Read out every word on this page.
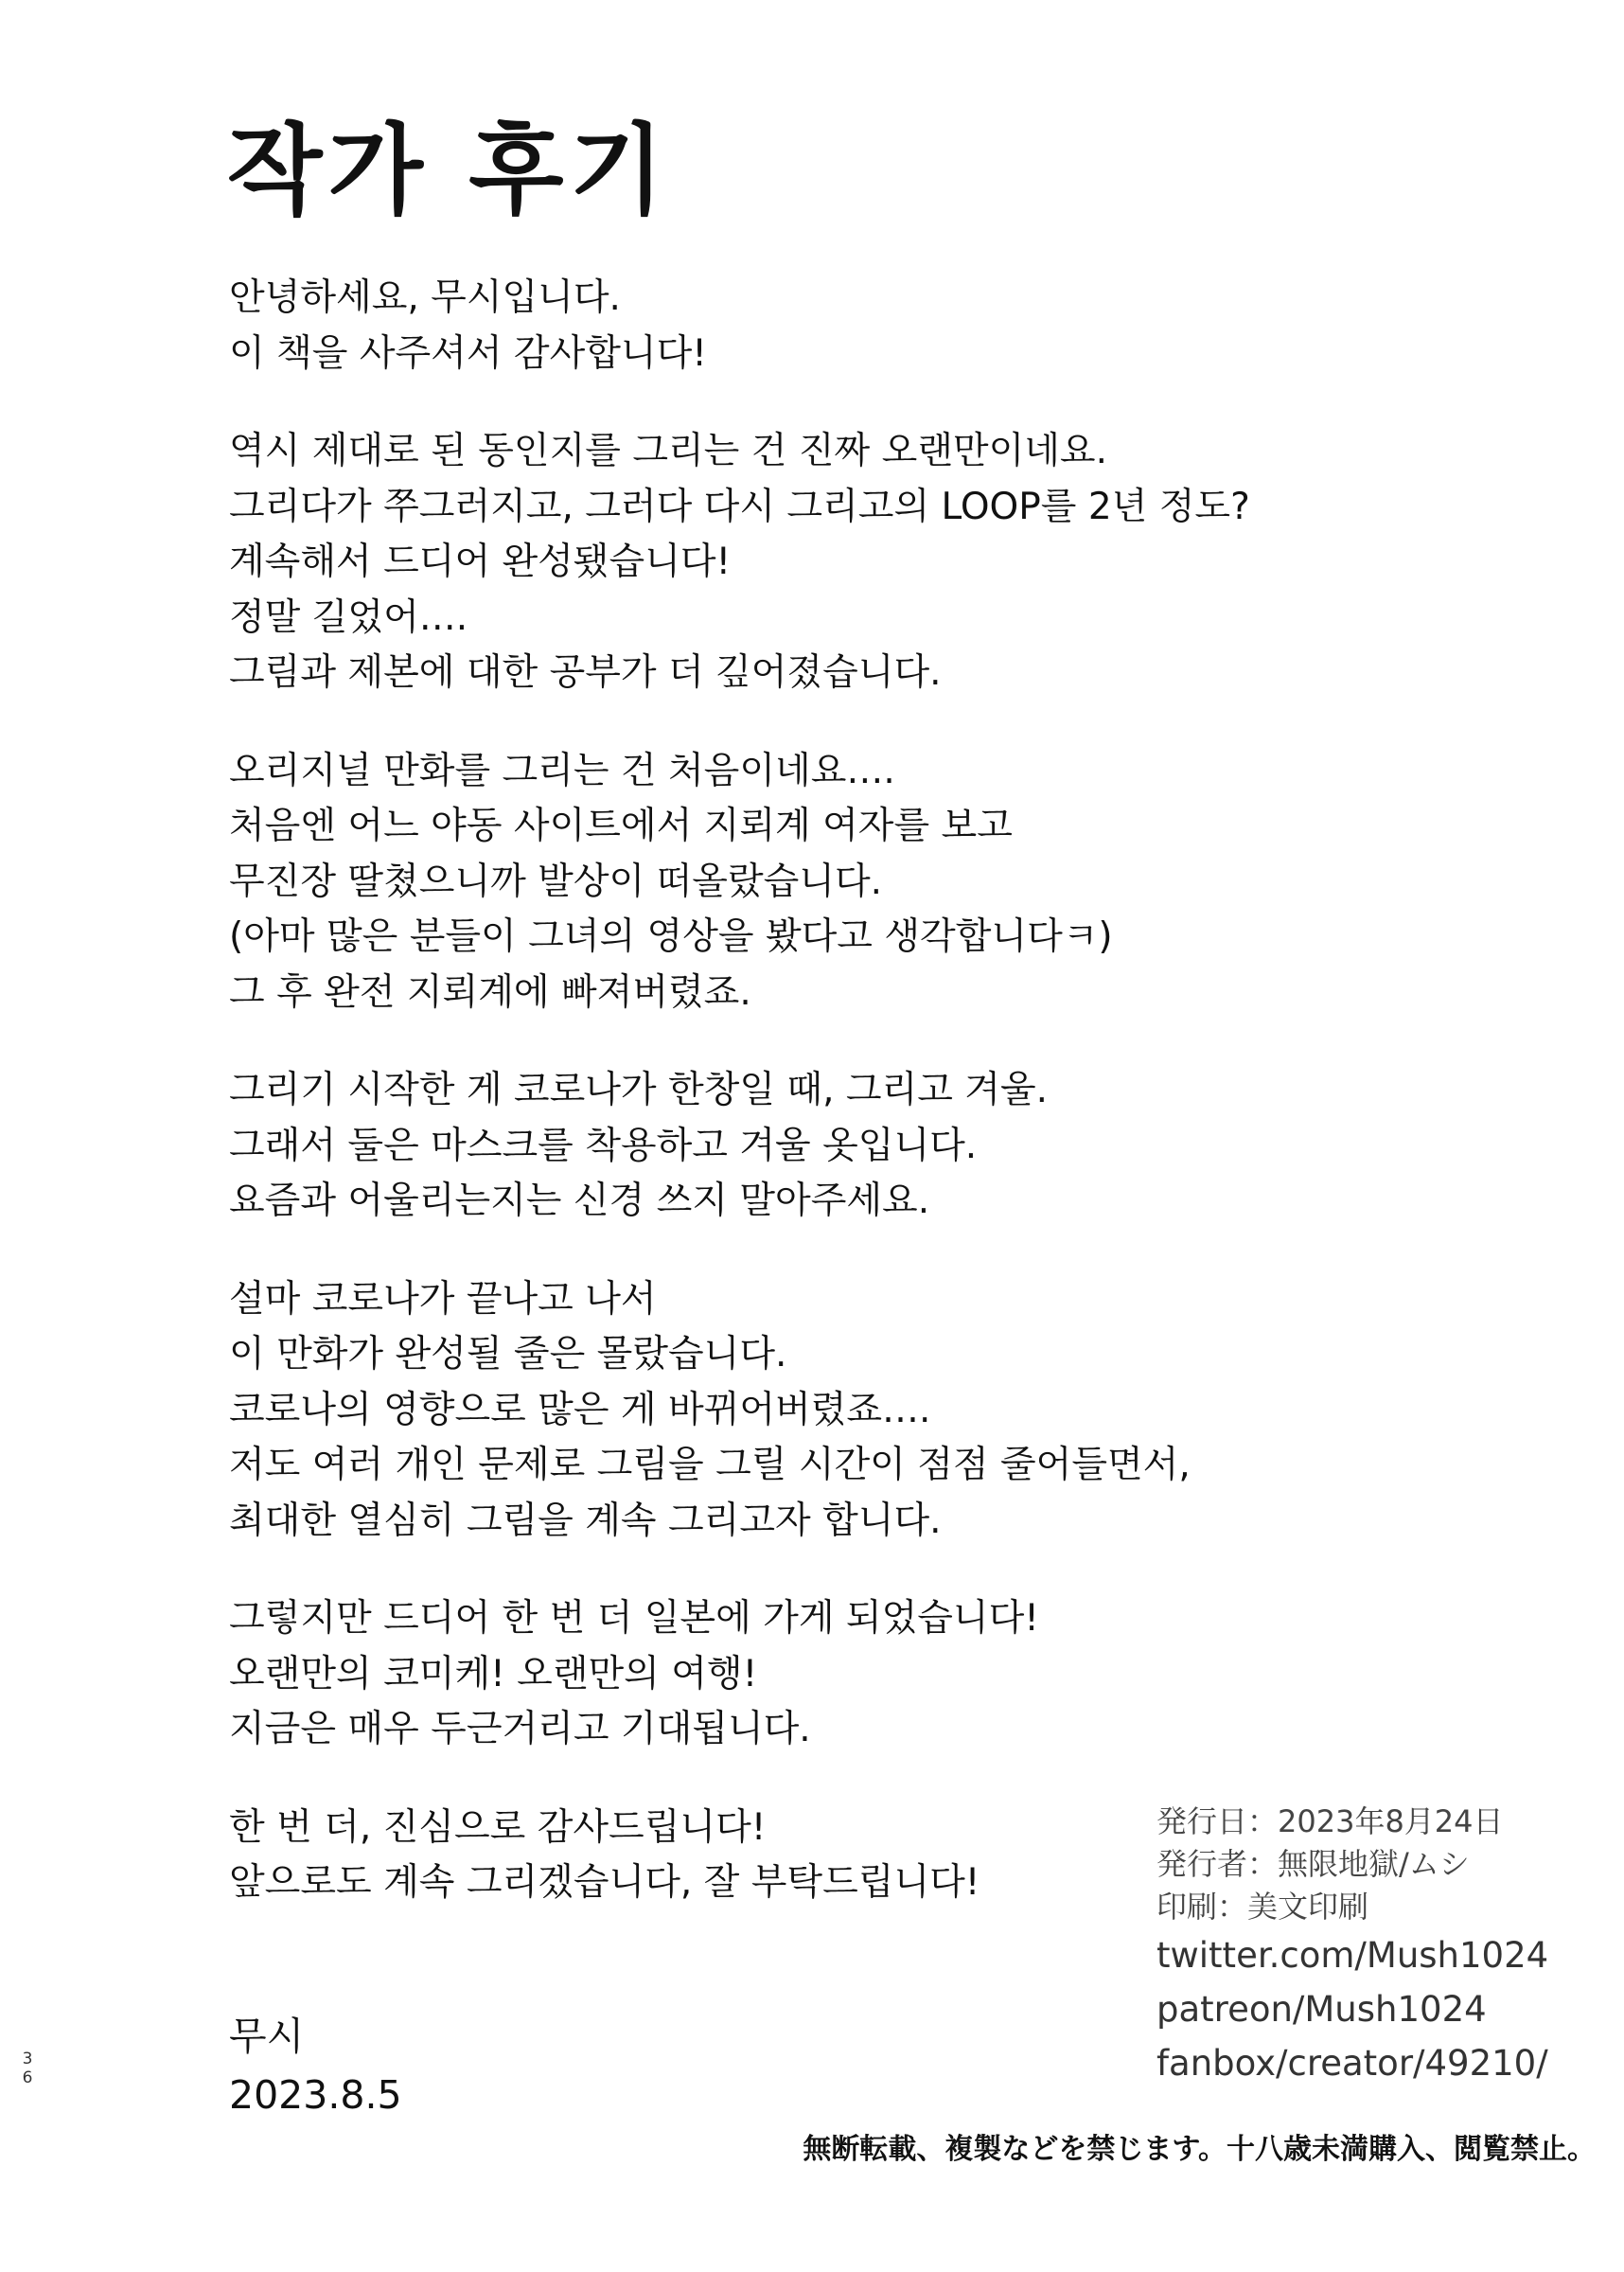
작가 후기
안녕하세요, 무시입니다.
이 책을 사주셔서 감사합니다!
역시 제대로 된 동인지를 그리는 건 진짜 오랜만이네요.
그리다가 쭈그러지고, 그러다 다시 그리고의 LOOP를 2년 정도?
계속해서 드디어 완성됐습니다!
정말 길었어….
그림과 제본에 대한 공부가 더 깊어졌습니다.
오리지널 만화를 그리는 건 처음이네요….
처음엔 어느 야동 사이트에서 지뢰계 여자를 보고
무진장 딸쳤으니까 발상이 떠올랐습니다.
(아마 많은 분들이 그녀의 영상을 봤다고 생각합니다ㅋ)
그 후 완전 지뢰계에 빠져버렸죠.
그리기 시작한 게 코로나가 한창일 때, 그리고 겨울.
그래서 둘은 마스크를 착용하고 겨울 옷입니다.
요즘과 어울리는지는 신경 쓰지 말아주세요.
설마 코로나가 끝나고 나서
이 만화가 완성될 줄은 몰랐습니다.
코로나의 영향으로 많은 게 바뀌어버렸죠….
저도 여러 개인 문제로 그림을 그릴 시간이 점점 줄어들면서,
최대한 열심히 그림을 계속 그리고자 합니다.
그렇지만 드디어 한 번 더 일본에 가게 되었습니다!
오랜만의 코미케! 오랜만의 여행!
지금은 매우 두근거리고 기대됩니다.
한 번 더, 진심으로 감사드립니다!
앞으로도 계속 그리겠습니다, 잘 부탁드립니다!
무시
2023.8.5
3
6
発行日：2023年8月24日
発行者：無限地獄/ムシ
印刷：美文印刷
twitter.com/Mush1024
patreon/Mush1024
fanbox/creator/49210/
無断転載、複製などを禁じます。十八歳未満購入、閲覧禁止。
